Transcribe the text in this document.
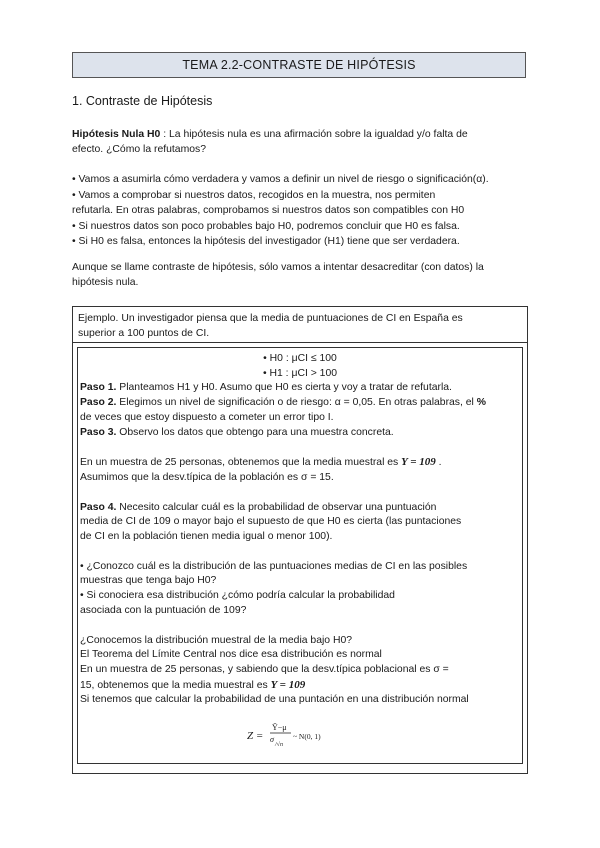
TEMA 2.2-CONTRASTE DE HIPÓTESIS
1. Contraste de Hipótesis
Hipótesis Nula H0 : La hipótesis nula es una afirmación sobre la igualdad y/o falta de
efecto. ¿Cómo la refutamos?
• Vamos a asumirla cómo verdadera y vamos a definir un nivel de riesgo o significación(α).
• Vamos a comprobar si nuestros datos, recogidos en la muestra, nos permiten
refutarla. En otras palabras, comprobamos si nuestros datos son compatibles con H0
• Si nuestros datos son poco probables bajo H0, podremos concluir que H0 es falsa.
• Si H0 es falsa, entonces la hipótesis del investigador (H1) tiene que ser verdadera.
Aunque se llame contraste de hipótesis, sólo vamos a intentar desacreditar (con datos) la
hipótesis nula.
Ejemplo. Un investigador piensa que la media de puntuaciones de CI en España es
superior a 100 puntos de CI.
• H0 : μCI ≤ 100
• H1 : μCI > 100
Paso 1. Planteamos H1 y H0. Asumo que H0 es cierta y voy a tratar de refutarla.
Paso 2. Elegimos un nivel de significación o de riesgo: α = 0,05. En otras palabras, el %
de veces que estoy dispuesto a cometer un error tipo I.
Paso 3. Observo los datos que obtengo para una muestra concreta.
En un muestra de 25 personas, obtenemos que la media muestral es Y = 109 .
Asumimos que la desv.típica de la población es σ = 15.
Paso 4. Necesito calcular cuál es la probabilidad de observar una puntuación
media de CI de 109 o mayor bajo el supuesto de que H0 es cierta (las puntaciones
de CI en la población tienen media igual o menor 100).
• ¿Conozco cuál es la distribución de las puntuaciones medias de CI en las posibles
muestras que tenga bajo H0?
• Si conociera esa distribución ¿cómo podría calcular la probabilidad
asociada con la puntuación de 109?
¿Conocemos la distribución muestral de la media bajo H0?
El Teorema del Límite Central nos dice esa distribución es normal
En un muestra de 25 personas, y sabiendo que la desv.típica poblacional es σ =
15, obtenemos que la media muestral es Y = 109
Si tenemos que calcular la probabilidad de una puntación en una distribución normal
Z =
Ȳ−μ
σ
/√n
~ N(0, 1)
